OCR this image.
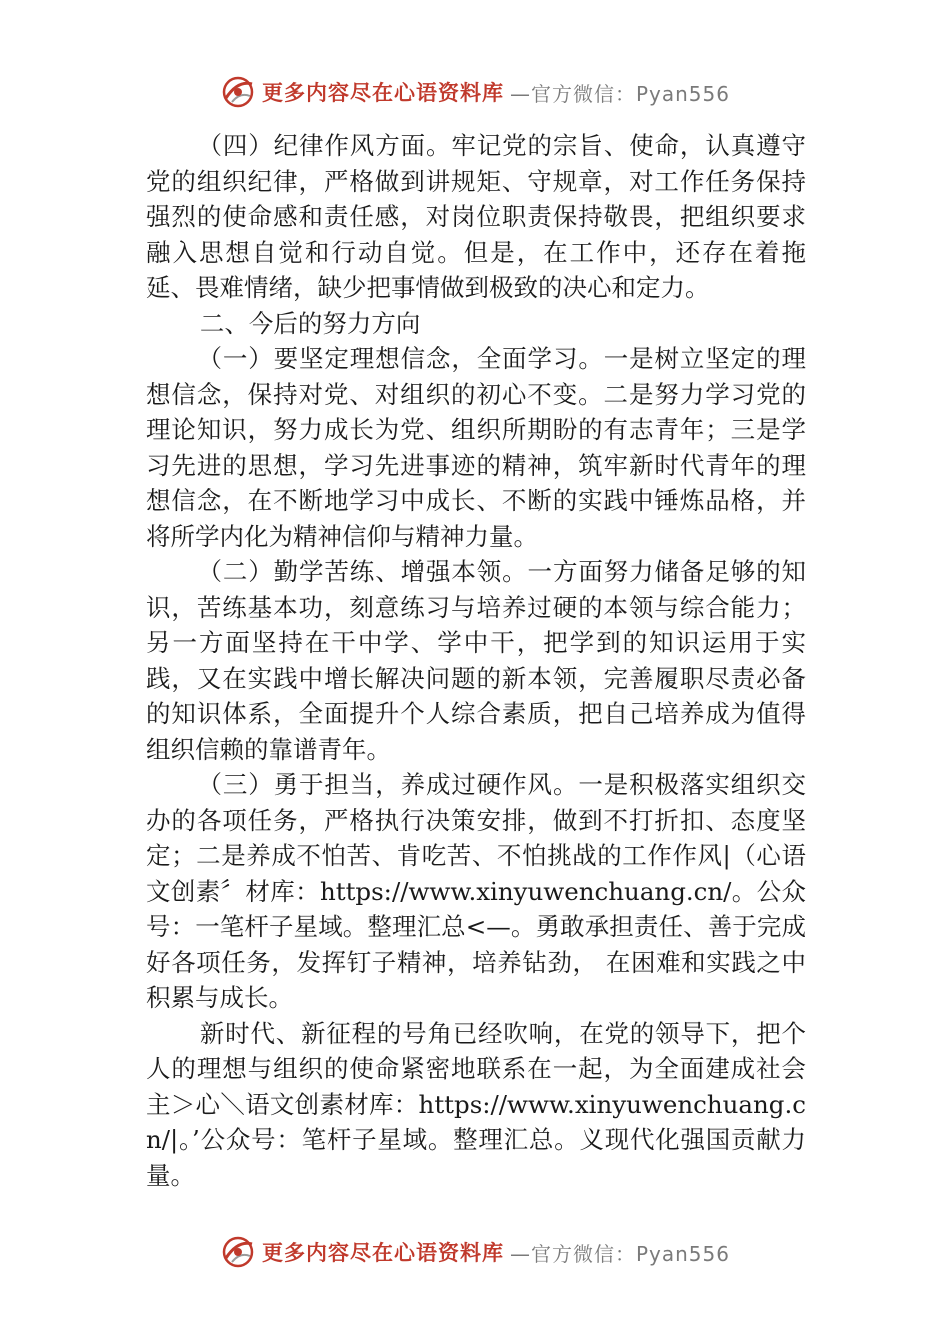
更多内容尽在心语资料库 —官方微信：Pyan556

（四）纪律作风方面。牢记党的宗旨、使命，认真遵守党的组织纪律，严格做到讲规矩、守规章，对工作任务保持强烈的使命感和责任感，对岗位职责保持敬畏，把组织要求融入思想自觉和行动自觉。但是，在工作中，还存在着拖延、畏难情绪，缺少把事情做到极致的决心和定力。

二、今后的努力方向

（一）要坚定理想信念，全面学习。一是树立坚定的理想信念，保持对党、对组织的初心不变。二是努力学习党的理论知识，努力成长为党、组织所期盼的有志青年；三是学习先进的思想，学习先进事迹的精神，筑牢新时代青年的理想信念，在不断地学习中成长、不断的实践中锤炼品格，并将所学内化为精神信仰与精神力量。

（二）勤学苦练、增强本领。一方面努力储备足够的知识，苦练基本功，刻意练习与培养过硬的本领与综合能力；另一方面坚持在干中学、学中干，把学到的知识运用于实践，又在实践中增长解决问题的新本领，完善履职尽责必备的知识体系，全面提升个人综合素质，把自己培养成为值得组织信赖的靠谱青年。

（三）勇于担当，养成过硬作风。一是积极落实组织交办的各项任务，严格执行决策安排，做到不打折扣、态度坚定；二是养成不怕苦、肯吃苦、不怕挑战的工作作风|（心语文创素〞材库：https://www.xinyuwenchuang.cn/。公众号：一笔杆子星域。整理汇总<—。勇敢承担责任、善于完成好各项任务，发挥钉子精神，培养钻劲， 在困难和实践之中积累与成长。

新时代、新征程的号角已经吹响，在党的领导下，把个人的理想与组织的使命紧密地联系在一起，为全面建成社会主＞心＼语文创素材库：https://www.xinyuwenchuang.cn/|。’公众号：笔杆子星域。整理汇总。义现代化强国贡献力量。

更多内容尽在心语资料库 —官方微信：Pyan556
